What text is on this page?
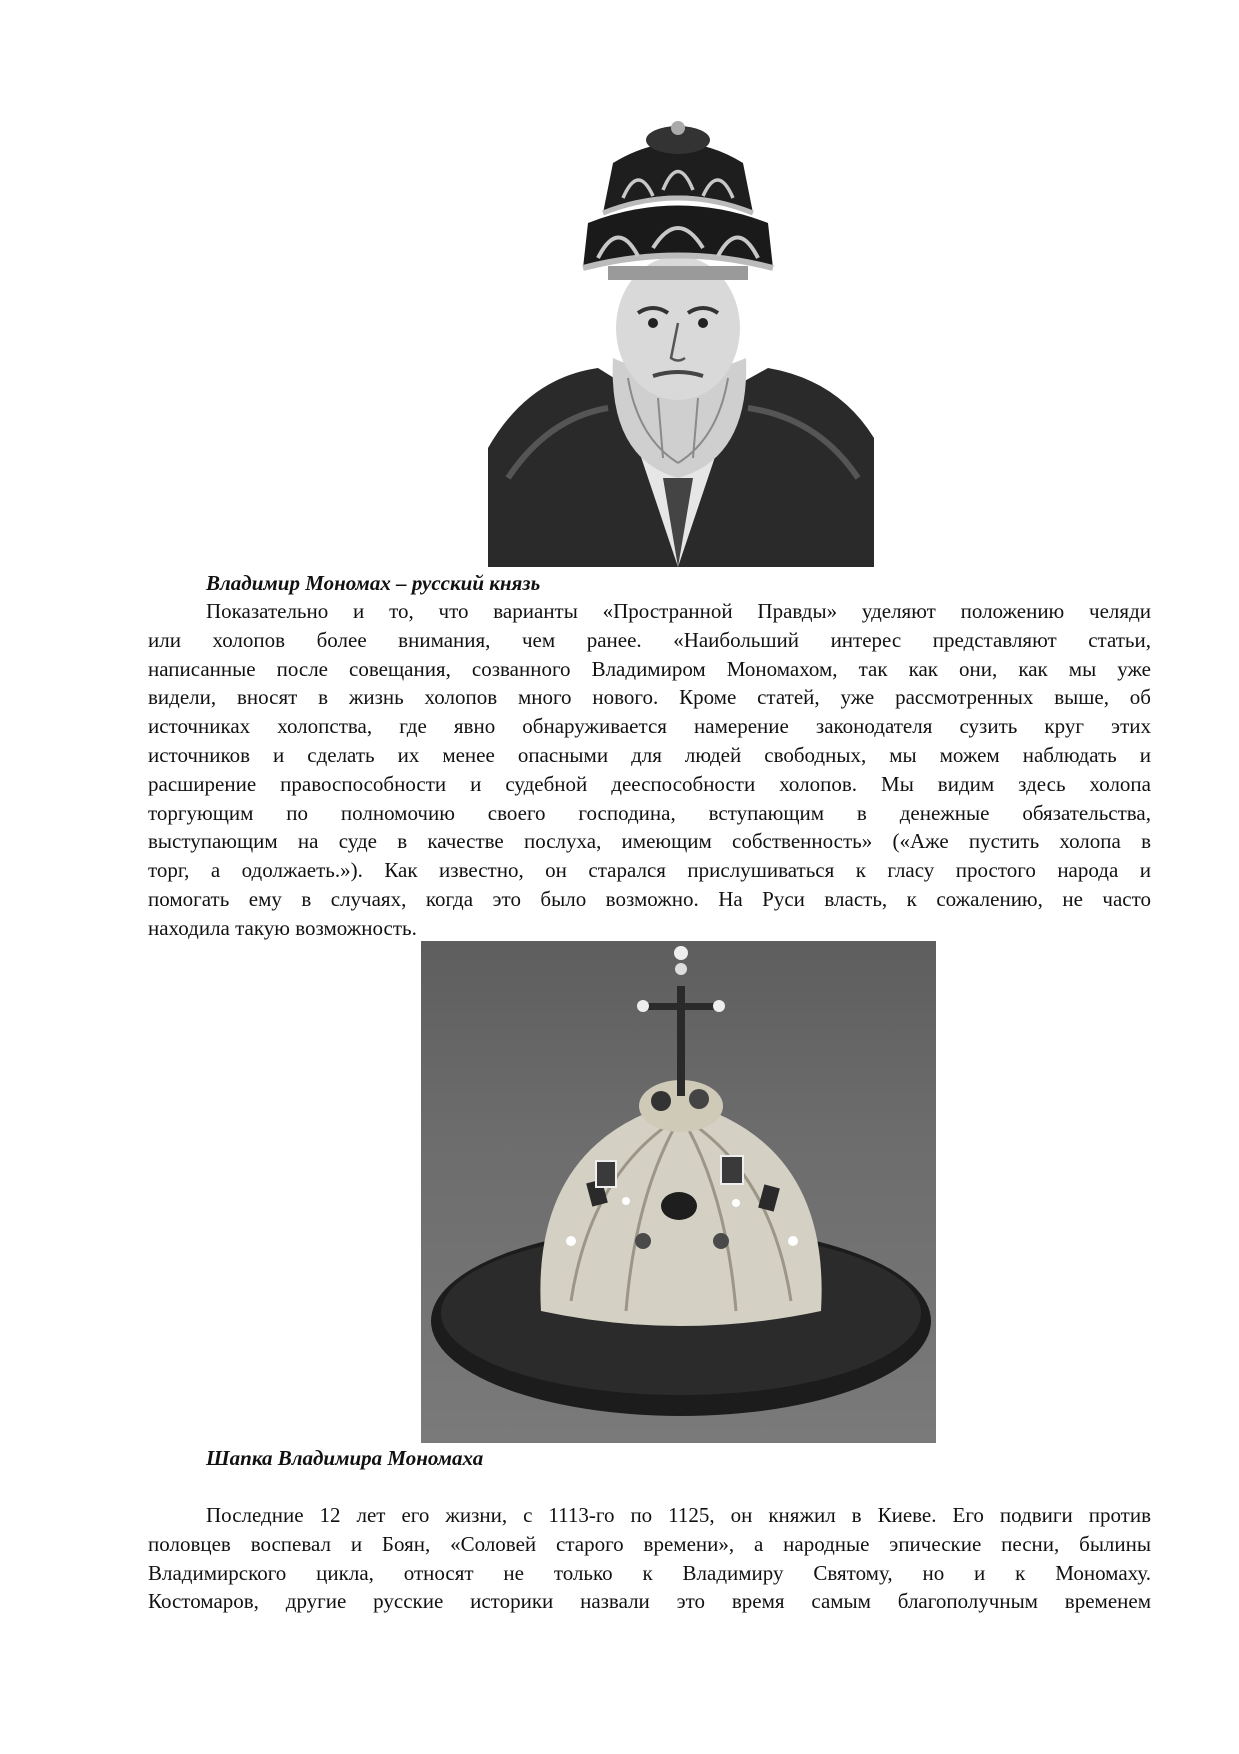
Владимир Мономах – русский князь
Показательно и то, что варианты «Пространной Правды» уделяют положению челяди
или холопов более внимания, чем ранее. «Наибольший интерес представляют статьи,
написанные после совещания, созванного Владимиром Мономахом, так как они, как мы уже
видели, вносят в жизнь холопов много нового. Кроме статей, уже рассмотренных выше, об
источниках холопства, где явно обнаруживается намерение законодателя сузить круг этих
источников и сделать их менее опасными для людей свободных, мы можем наблюдать и
расширение правоспособности и судебной дееспособности холопов. Мы видим здесь холопа
торгующим по полномочию своего господина, вступающим в денежные обязательства,
выступающим на суде в качестве послуха, имеющим собственность» («Аже пустить холопа в
торг, а одолжаеть.»). Как известно, он старался прислушиваться к гласу простого народа и
помогать ему в случаях, когда это было возможно. На Руси власть, к сожалению, не часто
находила такую возможность.
Шапка Владимира Мономаха
Последние 12 лет его жизни, с 1113-го по 1125, он княжил в Киеве. Его подвиги против
половцев воспевал и Боян, «Соловей старого времени», а народные эпические песни, былины
Владимирского цикла, относят не только к Владимиру Святому, но и к Мономаху.
Костомаров, другие русские историки назвали это время самым благополучным временем
